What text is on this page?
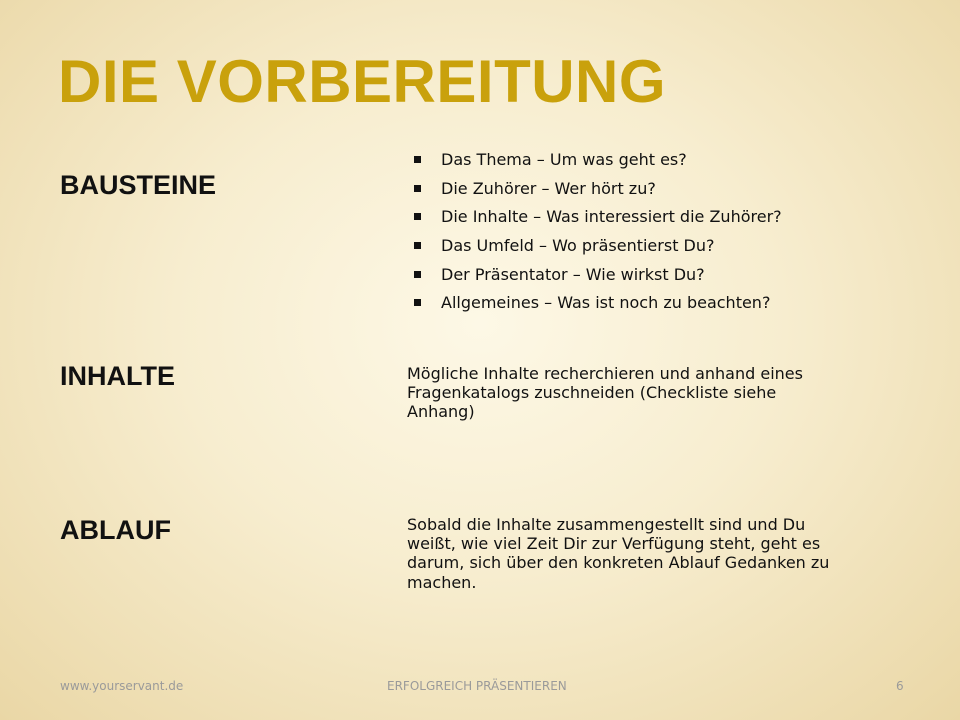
DIE VORBEREITUNG
BAUSTEINE
Das Thema – Um was geht es?
Die Zuhörer – Wer hört zu?
Die Inhalte – Was interessiert die Zuhörer?
Das Umfeld – Wo präsentierst Du?
Der Präsentator – Wie wirkst Du?
Allgemeines – Was ist noch zu beachten?
INHALTE	Mögliche Inhalte recherchieren und anhand eines Fragenkatalogs zuschneiden (Checkliste siehe Anhang)

ABLAUF	Sobald die Inhalte zusammengestellt sind und Du weißt, wie viel Zeit Dir zur Verfügung steht, geht es darum, sich über den konkreten Ablauf Gedanken zu machen.

www.yourservant.de	ERFOLGREICH PRÄSENTIEREN	6
